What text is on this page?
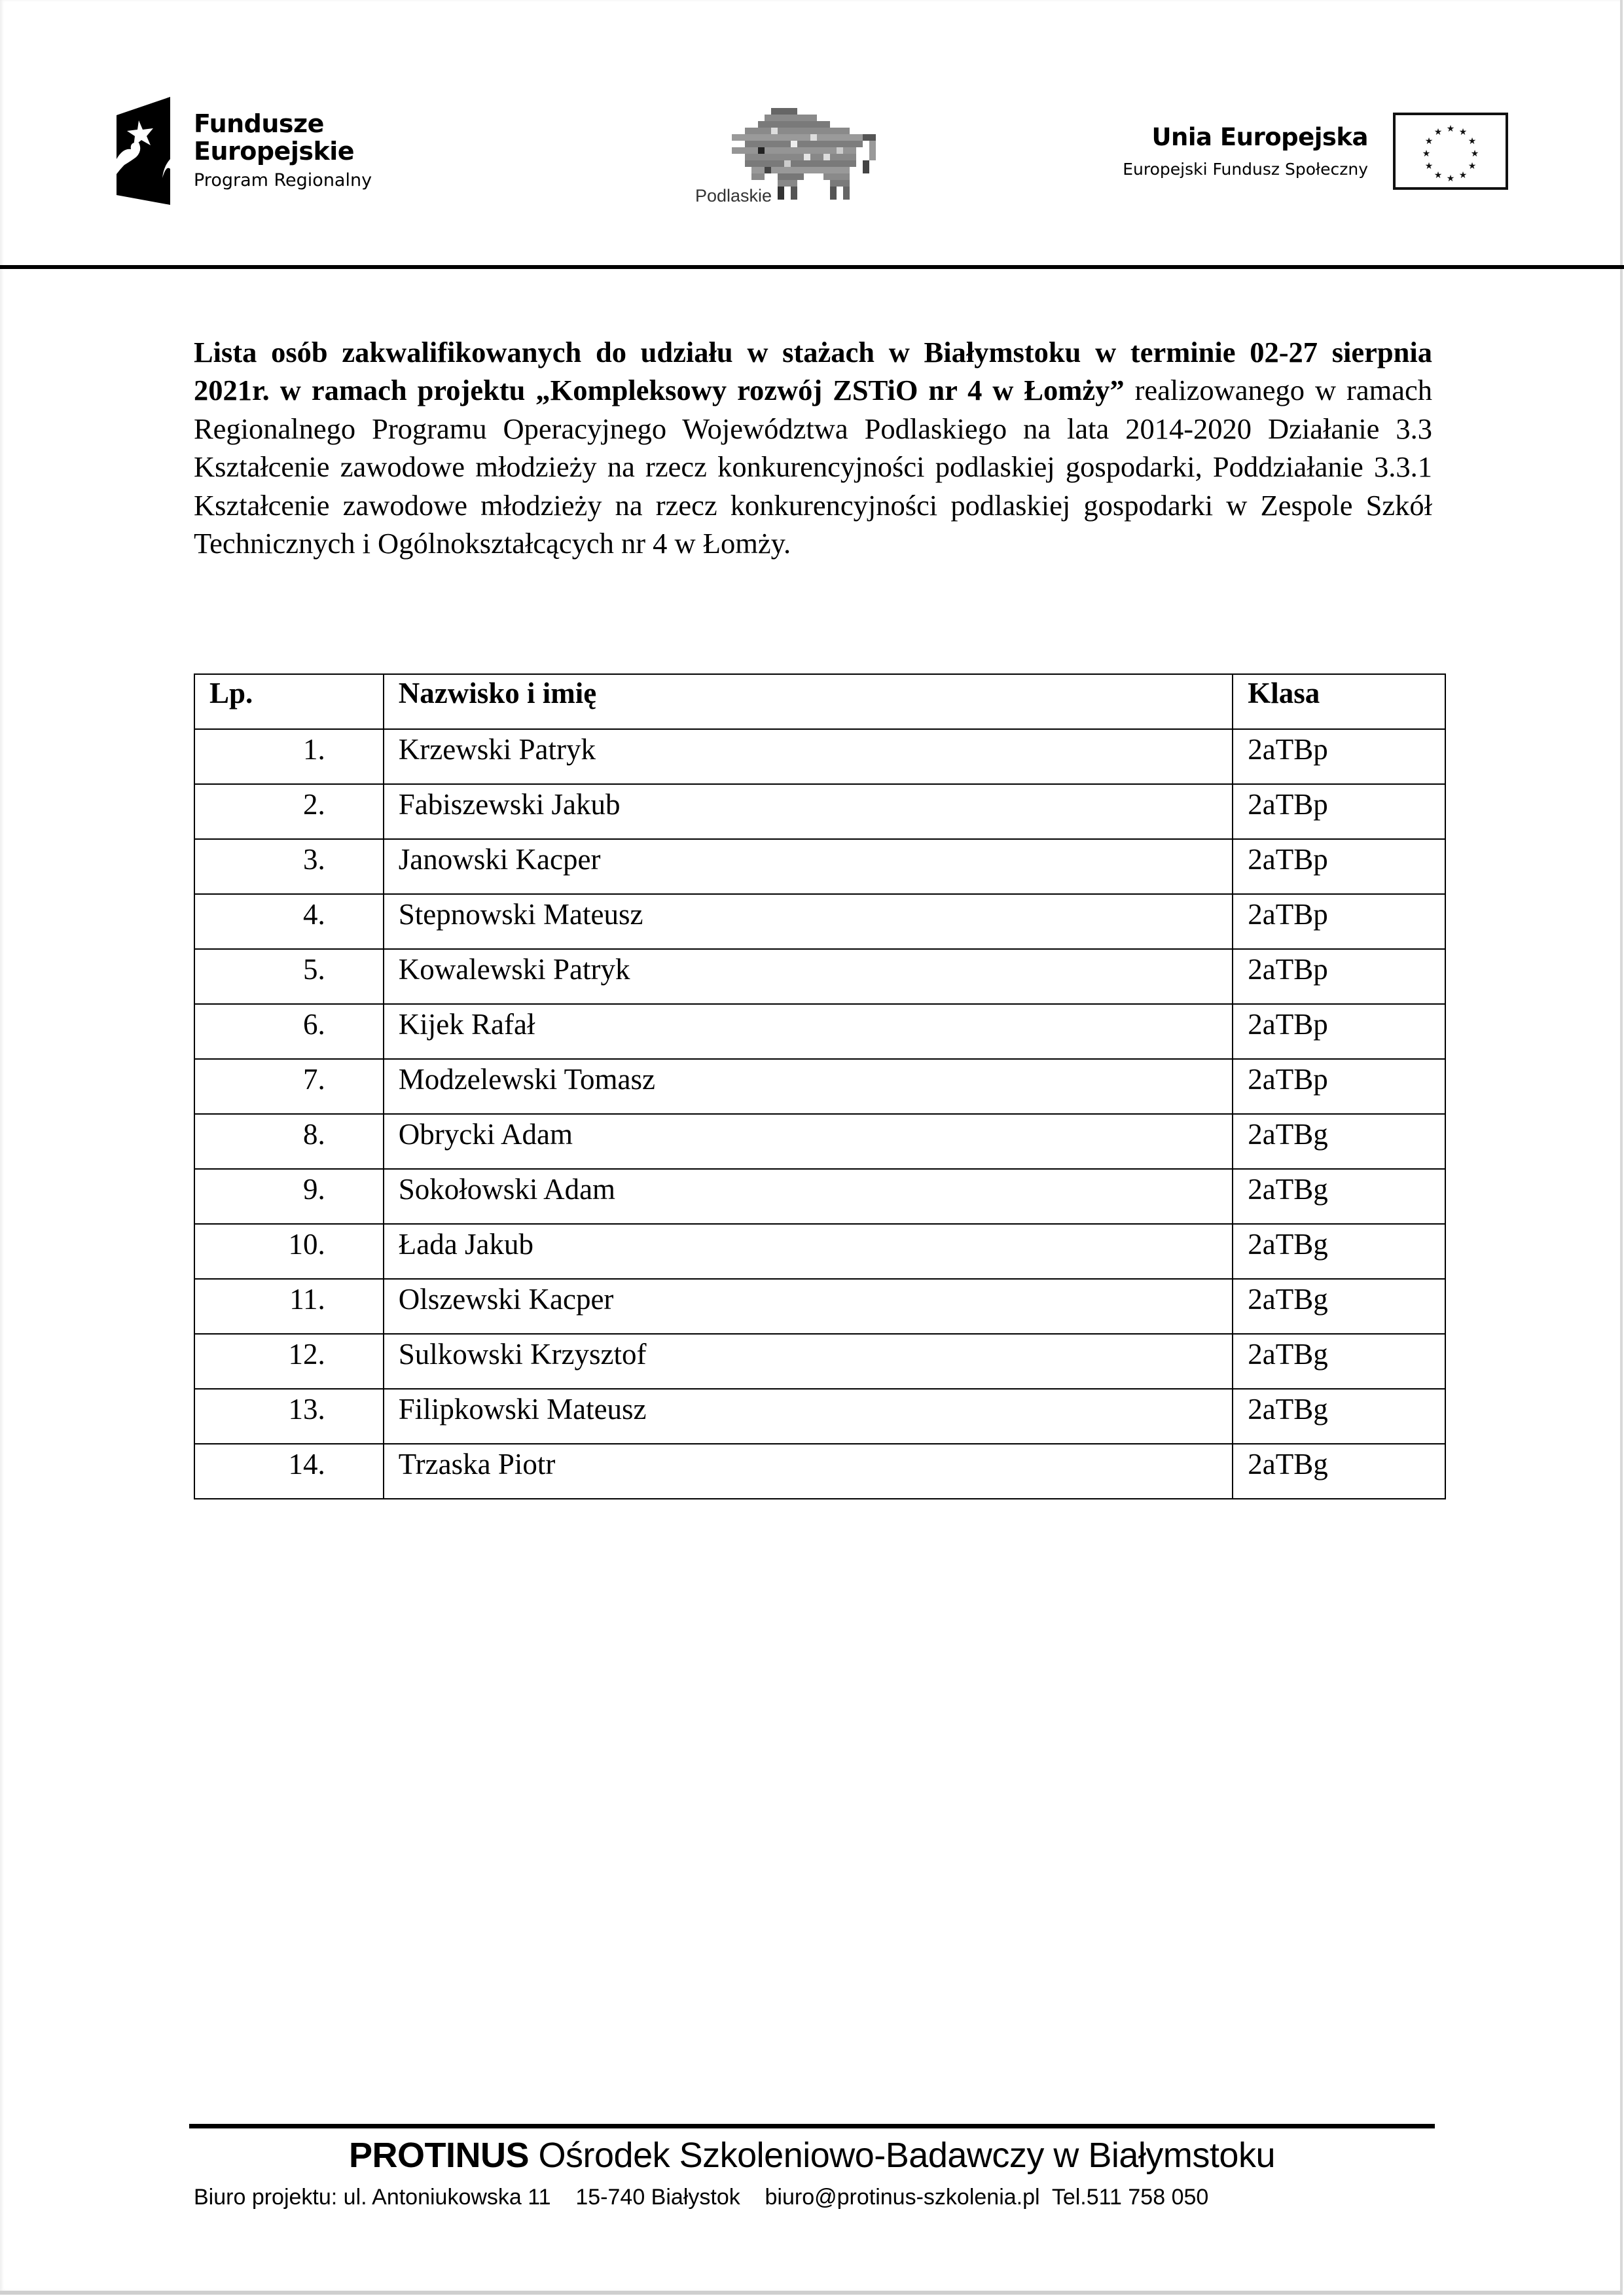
Fundusze
Europejskie
Program Regionalny
Podlaskie
Unia Europejska
Europejski Fundusz Społeczny
★ ★
★
★
★
★
★
★
★
★
★
★

Lista osób zakwalifikowanych do udziału w stażach w Białymstoku w terminie 02-27 sierpnia 2021r. w ramach projektu „Kompleksowy rozwój ZSTiO nr 4 w Łomży” realizowanego w ramach Regionalnego Programu Operacyjnego Województwa Podlaskiego na lata 2014-2020 Działanie 3.3 Kształcenie zawodowe młodzieży na rzecz konkurencyjności podlaskiej gospodarki, Poddziałanie 3.3.1 Kształcenie zawodowe młodzieży na rzecz konkurencyjności podlaskiej gospodarki w Zespole Szkół Technicznych i Ogólnokształcących nr 4 w Łomży.

Lp.	Nazwisko i imię	Klasa
1.	Krzewski Patryk	2aTBp
2.	Fabiszewski Jakub	2aTBp
3.	Janowski Kacper	2aTBp
4.	Stepnowski Mateusz	2aTBp
5.	Kowalewski Patryk	2aTBp
6.	Kijek Rafał	2aTBp
7.	Modzelewski Tomasz	2aTBp
8.	Obrycki Adam	2aTBg
9.	Sokołowski Adam	2aTBg
10.	Łada Jakub	2aTBg
11.	Olszewski Kacper	2aTBg
12.	Sulkowski Krzysztof	2aTBg
13.	Filipkowski Mateusz	2aTBg
14.	Trzaska Piotr	2aTBg
PROTINUS Ośrodek Szkoleniowo-Badawczy w Białymstoku
Biuro projektu: ul. Antoniukowska 11    15-740 Białystok    biuro@protinus-szkolenia.pl  Tel.511 758 050
